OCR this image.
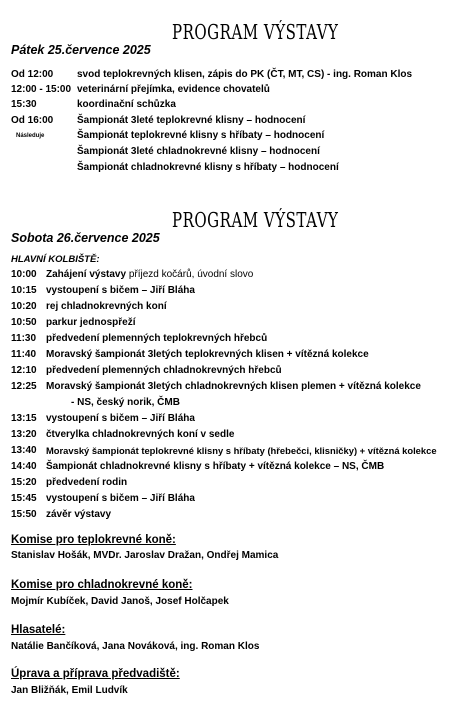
PROGRAM VÝSTAVY
Pátek 25.července 2025
Od 12:00 svod teplokrevných klisen, zápis do PK (ČT, MT, CS) - ing. Roman Klos
12:00 - 15:00 veterinární přejímka, evidence chovatelů
15:30	koordinační schůzka
Od 16:00 Šampionát 3leté teplokrevné klisny – hodnocení
Následuje	Šampionát teplokrevné klisny s hříbaty – hodnocení
Šampionát 3leté chladnokrevné klisny – hodnocení
Šampionát chladnokrevné klisny s hříbaty – hodnocení
PROGRAM VÝSTAVY
Sobota 26.července 2025
HLAVNÍ KOLBIŠTĚ:
10:00 Zahájení výstavy příjezd kočárů, úvodní slovo
10:15 vystoupení s bičem – Jiří Bláha
10:20 rej chladnokrevných koní
10:50 parkur jednospřeží
11:30 předvedení plemenných teplokrevných hřebců
11:40 Moravský šampionát 3letých teplokrevných klisen + vítězná kolekce
12:10 předvedení plemenných chladnokrevných hřebců
12:25 Moravský šampionát 3letých chladnokrevných klisen plemen + vítězná kolekce
- NS, český norik, ČMB
13:15 vystoupení s bičem – Jiří Bláha
13:20 čtverylka chladnokrevných koní v sedle
13:40 Moravský šampionát teplokrevné klisny s hříbaty (hřebečci, klisničky) + vítězná kolekce
14:40 Šampionát chladnokrevné klisny s hříbaty + vítězná kolekce – NS, ČMB
15:20 předvedení rodin
15:45 vystoupení s bičem – Jiří Bláha
15:50 závěr výstavy
Komise pro teplokrevné koně:
Stanislav Hošák, MVDr. Jaroslav Dražan, Ondřej Mamica
Komise pro chladnokrevné koně:
Mojmír Kubíček, David Janoš, Josef Holčapek
Hlasatelé:
Natálie Bančíková, Jana Nováková, ing. Roman Klos
Úprava a příprava předvadiště:
Jan Bližňák, Emil Ludvík
